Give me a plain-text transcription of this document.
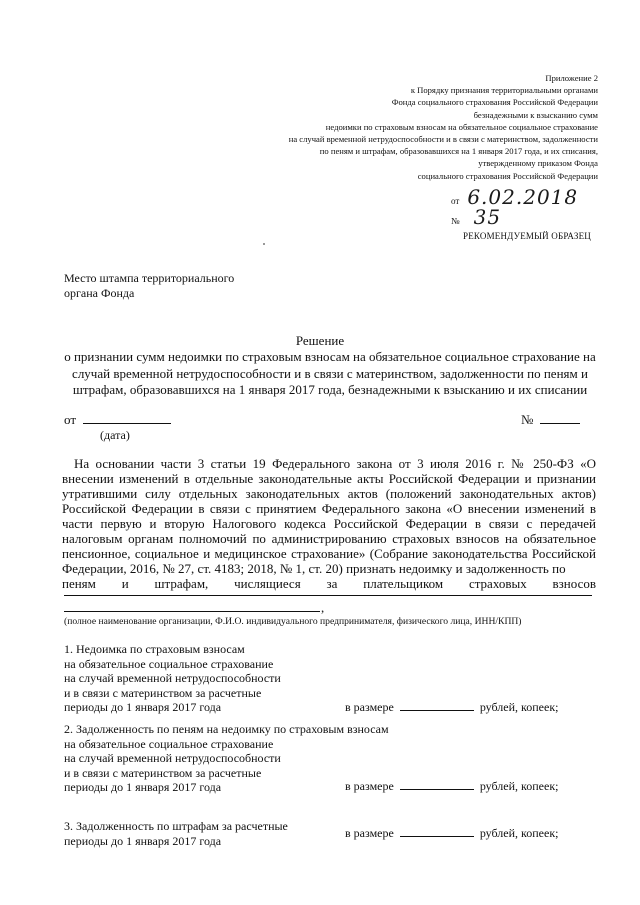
Приложение 2
к Порядку признания территориальными органами
Фонда социального страхования Российской Федерации
безнадежными к взысканию сумм
недоимки по страховым взносам на обязательное социальное страхование
на случай временной нетрудоспособности и в связи с материнством, задолженности
по пеням и штрафам, образовавшихся на 1 января 2017 года, и их списания,
утвержденному приказом Фонда
социального страхования Российской Федерации
от 6.02.2018
№ 35
РЕКОМЕНДУЕМЫЙ ОБРАЗЕЦ
Место штампа территориального
органа Фонда
Решение
о признании сумм недоимки по страховым взносам на обязательное социальное страхование на случай временной нетрудоспособности и в связи с материнством, задолженности по пеням и штрафам, образовавшихся на 1 января 2017 года, безнадежными к взысканию и их списании
от
(дата)
№
На основании части 3 статьи 19 Федерального закона от 3 июля 2016 г. № 250-ФЗ «О внесении изменений в отдельные законодательные акты Российской Федерации и признании утратившими силу отдельных законодательных актов (положений законодательных актов) Российской Федерации в связи с принятием Федерального закона «О внесении изменений в части первую и вторую Налогового кодекса Российской Федерации в связи с передачей налоговым органам полномочий по администрированию страховых взносов на обязательное пенсионное, социальное и медицинское страхование» (Собрание законодательства Российской Федерации, 2016, № 27, ст. 4183; 2018, № 1, ст. 20) признать недоимку и задолженность по
пеням и штрафам, числящиеся за плательщиком страховых взносов
,
(полное наименование организации, Ф.И.О. индивидуального предпринимателя, физического лица, ИНН/КПП)
1. Недоимка по страховым взносам
на обязательное социальное страхование
на случай временной нетрудоспособности
и в связи с материнством за расчетные
периоды до 1 января 2017 года	в размере	рублей, копеек;
2. Задолженность по пеням на недоимку по страховым взносам
на обязательное социальное страхование
на случай временной нетрудоспособности
и в связи с материнством за расчетные
периоды до 1 января 2017 года	в размере	рублей, копеек;
3. Задолженность по штрафам за расчетные
периоды до 1 января 2017 года
в размере	рублей, копеек;
